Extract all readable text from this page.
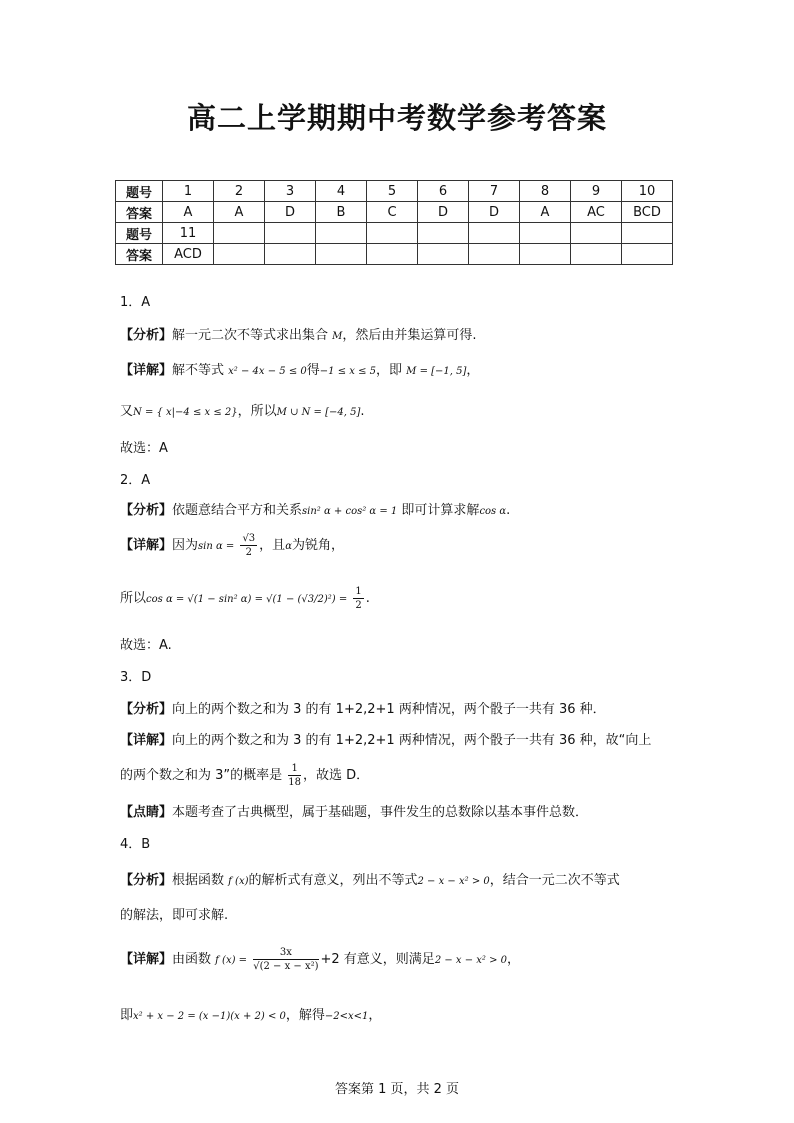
高二上学期期中考数学参考答案
题号	1	2	3	4	5	6	7	8	9	10
答案	A	A	D	B	C	D	D	A	AC	BCD
题号	11									
答案	ACD									
1．A
【分析】解一元二次不等式求出集合 M，然后由并集运算可得.
【详解】解不等式 x² − 4x − 5 ≤ 0得−1 ≤ x ≤ 5，即 M = [−1, 5]，
又N = { x|−4 ≤ x ≤ 2}，所以M ∪ N = [−4, 5].
故选：A
2．A
【分析】依题意结合平方和关系sin² α + cos² α = 1 即可计算求解cos α.
【详解】因为$\sin \alpha = \frac{√3}{2}$ ，且α为锐角，
所以cos α = √(1 − sin² $\alpha) = √(1 - (√3/2)^2) = \frac{1}{2}$ .
故选：A.
3．D
【分析】向上的两个数之和为 3 的有 1+2,2+1 两种情况，两个骰子一共有 36 种．
【详解】向上的两个数之和为 3 的有 1+2,2+1 两种情况，两个骰子一共有 36 种，故“向上
的两个数之和为 3”的概率是 $\frac{1}{18}$ ，故选 D．
【点睛】本题考查了古典概型，属于基础题，事件发生的总数除以基本事件总数．
4．B
【分析】根据函数 f (x)的解析式有意义，列出不等式2 − x − x² > 0，结合一元二次不等式
的解法，即可求解.
【详解】由函数 f $(x) = \frac{3x}{\text{√(2 − x − x²)}} +2$ 有意义，则满足2 − x − x² > 0，
即x² + x − 2 = (x −1)(x + 2) < 0，解得−2<x<1，
答案第 1 页，共 2 页
